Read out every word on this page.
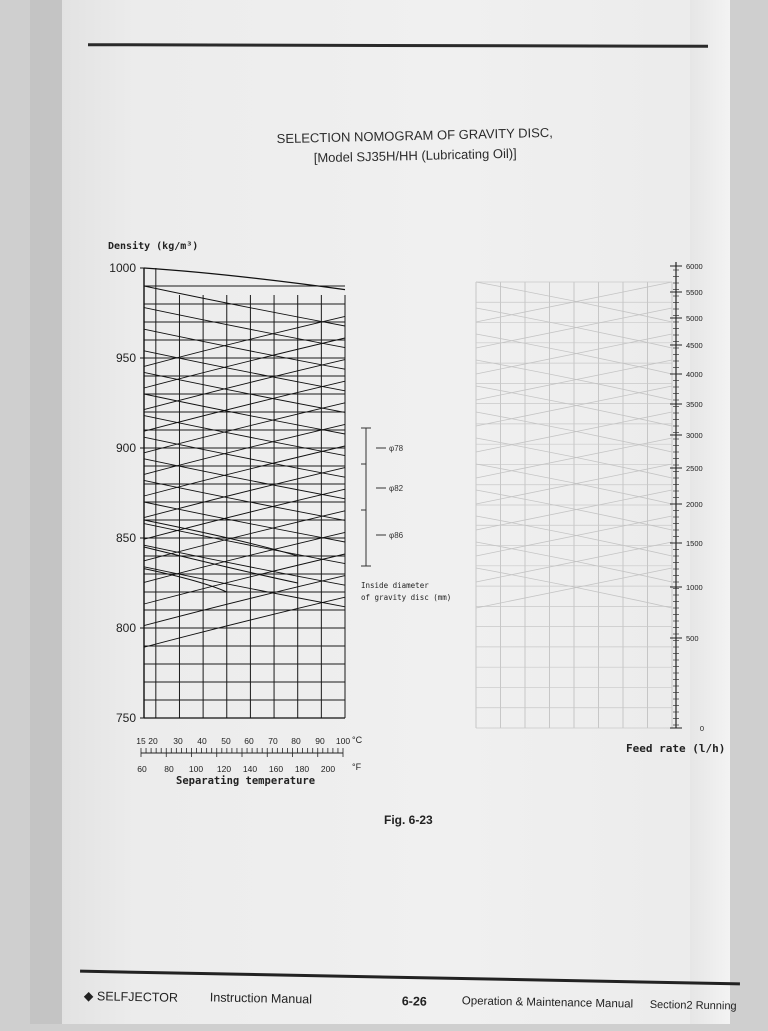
SELECTION NOMOGRAM OF GRAVITY DISC,
[Model SJ35H/HH (Lubricating Oil)]
1000
950
900
850
800
750
Density (kg/m³)
15 20 30 40 50 60 70 80 90 100
60 80 100 120 140 160 180 200
°C
°F
Separating temperature
φ78
φ82
φ86
Inside diameter
of gravity disc (mm)
6000
5500
5000
4500
4000
3500
3000
2500
2000
1500
1000
500
0
Feed rate (l/h)
Fig. 6-23
◆ SELFJECTOR	Instruction Manual	6-26	Operation & Maintenance Manual Section2 Running
